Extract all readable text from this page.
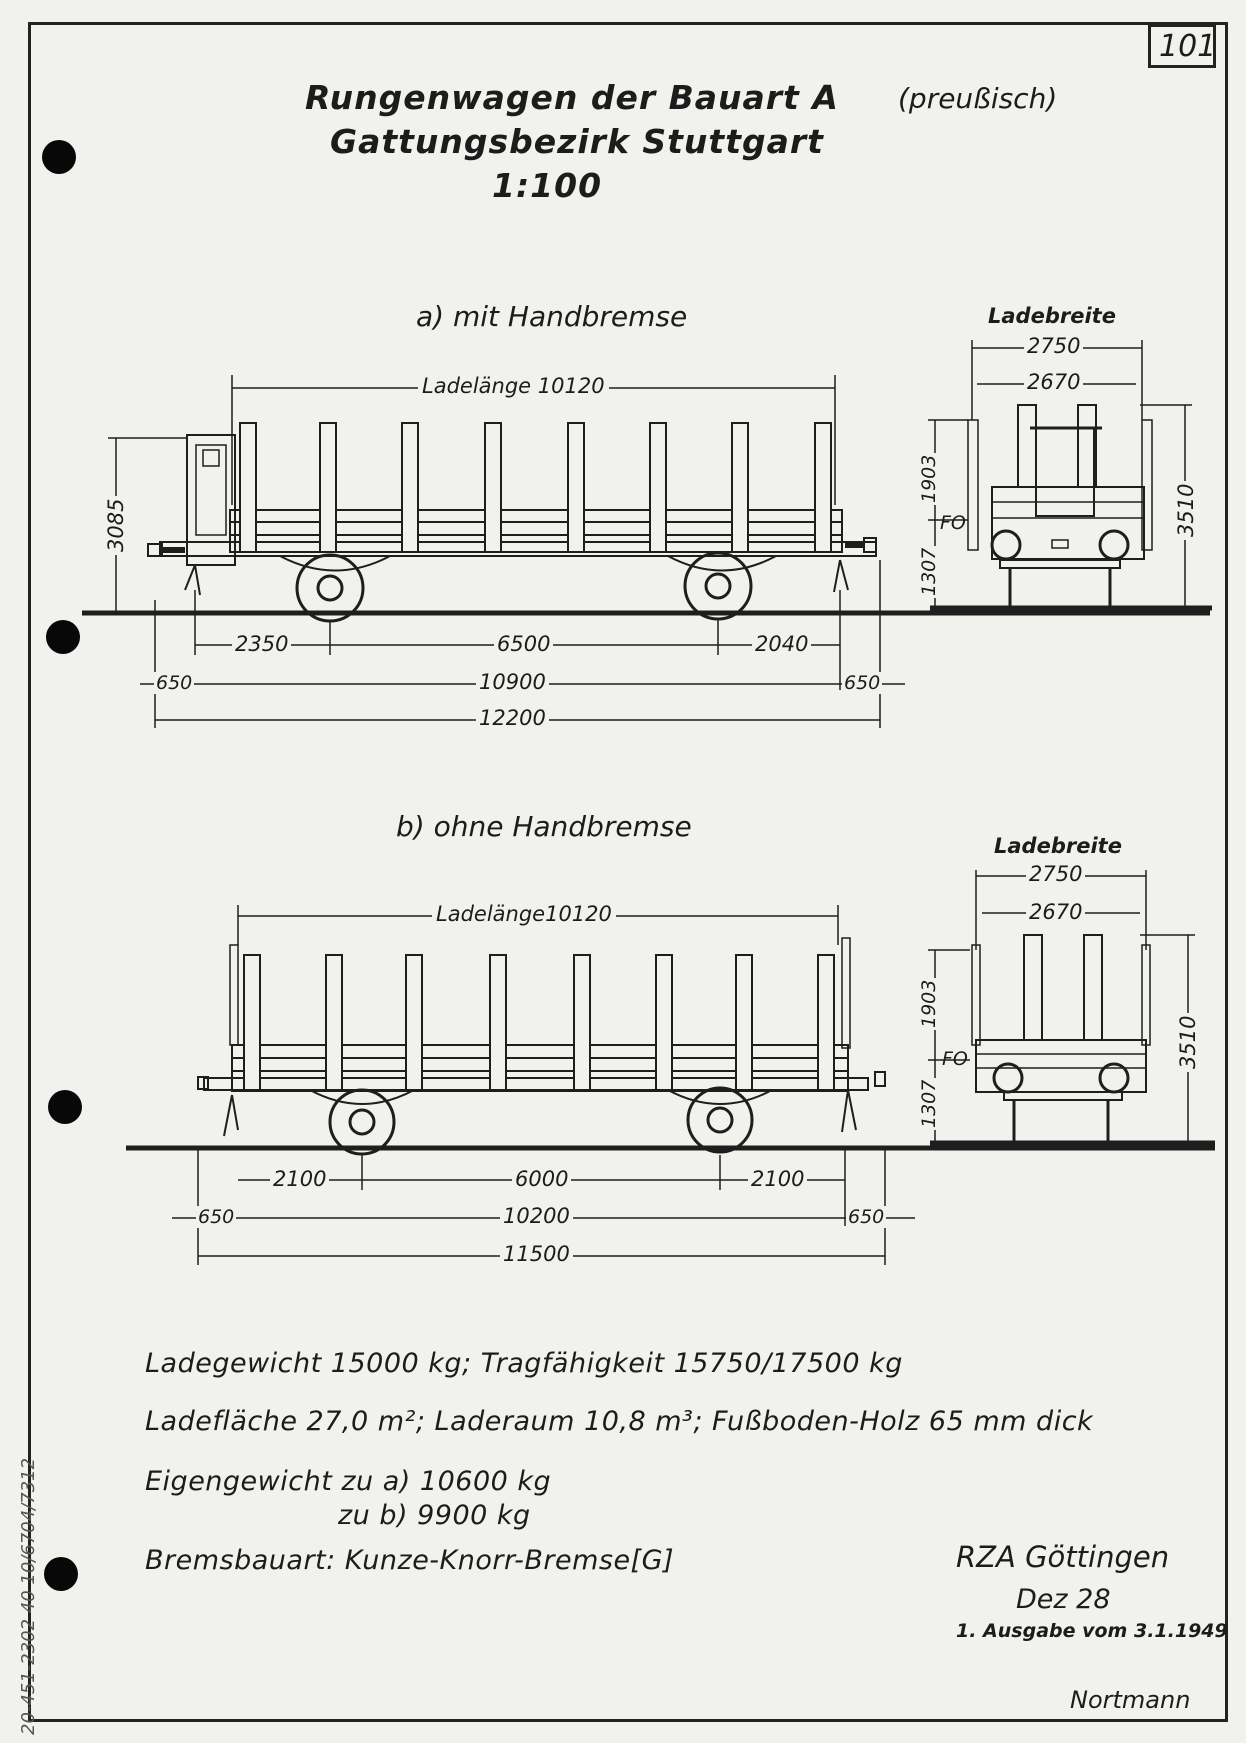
101
Rungenwagen der Bauart A (preußisch)
Gattungsbezirk Stuttgart
1:100
a) mit Handbremse
Ladelänge 10120
3085
2350	6500	2040
650	10900	650
12200
Ladebreite
2750
2670
1903
FO
1307
3510
b) ohne Handbremse
Ladelänge10120
2100	6000	2100
650	10200	650
11500
Ladebreite
2750
2670
1903
FO
1307
3510
Ladegewicht 15000 kg; Tragfähigkeit 15750/17500 kg
Ladefläche 27,0 m²; Laderaum 10,8 m³; Fußboden-Holz 65 mm dick
Eigengewicht zu a) 10600 kg
zu b) 9900 kg
Bremsbauart: Kunze-Knorr-Bremse[G]	RZA Göttingen
Dez 28
1. Ausgabe vom 3.1.1949
Nortmann
20-451-2302 40 10/6704/7312
